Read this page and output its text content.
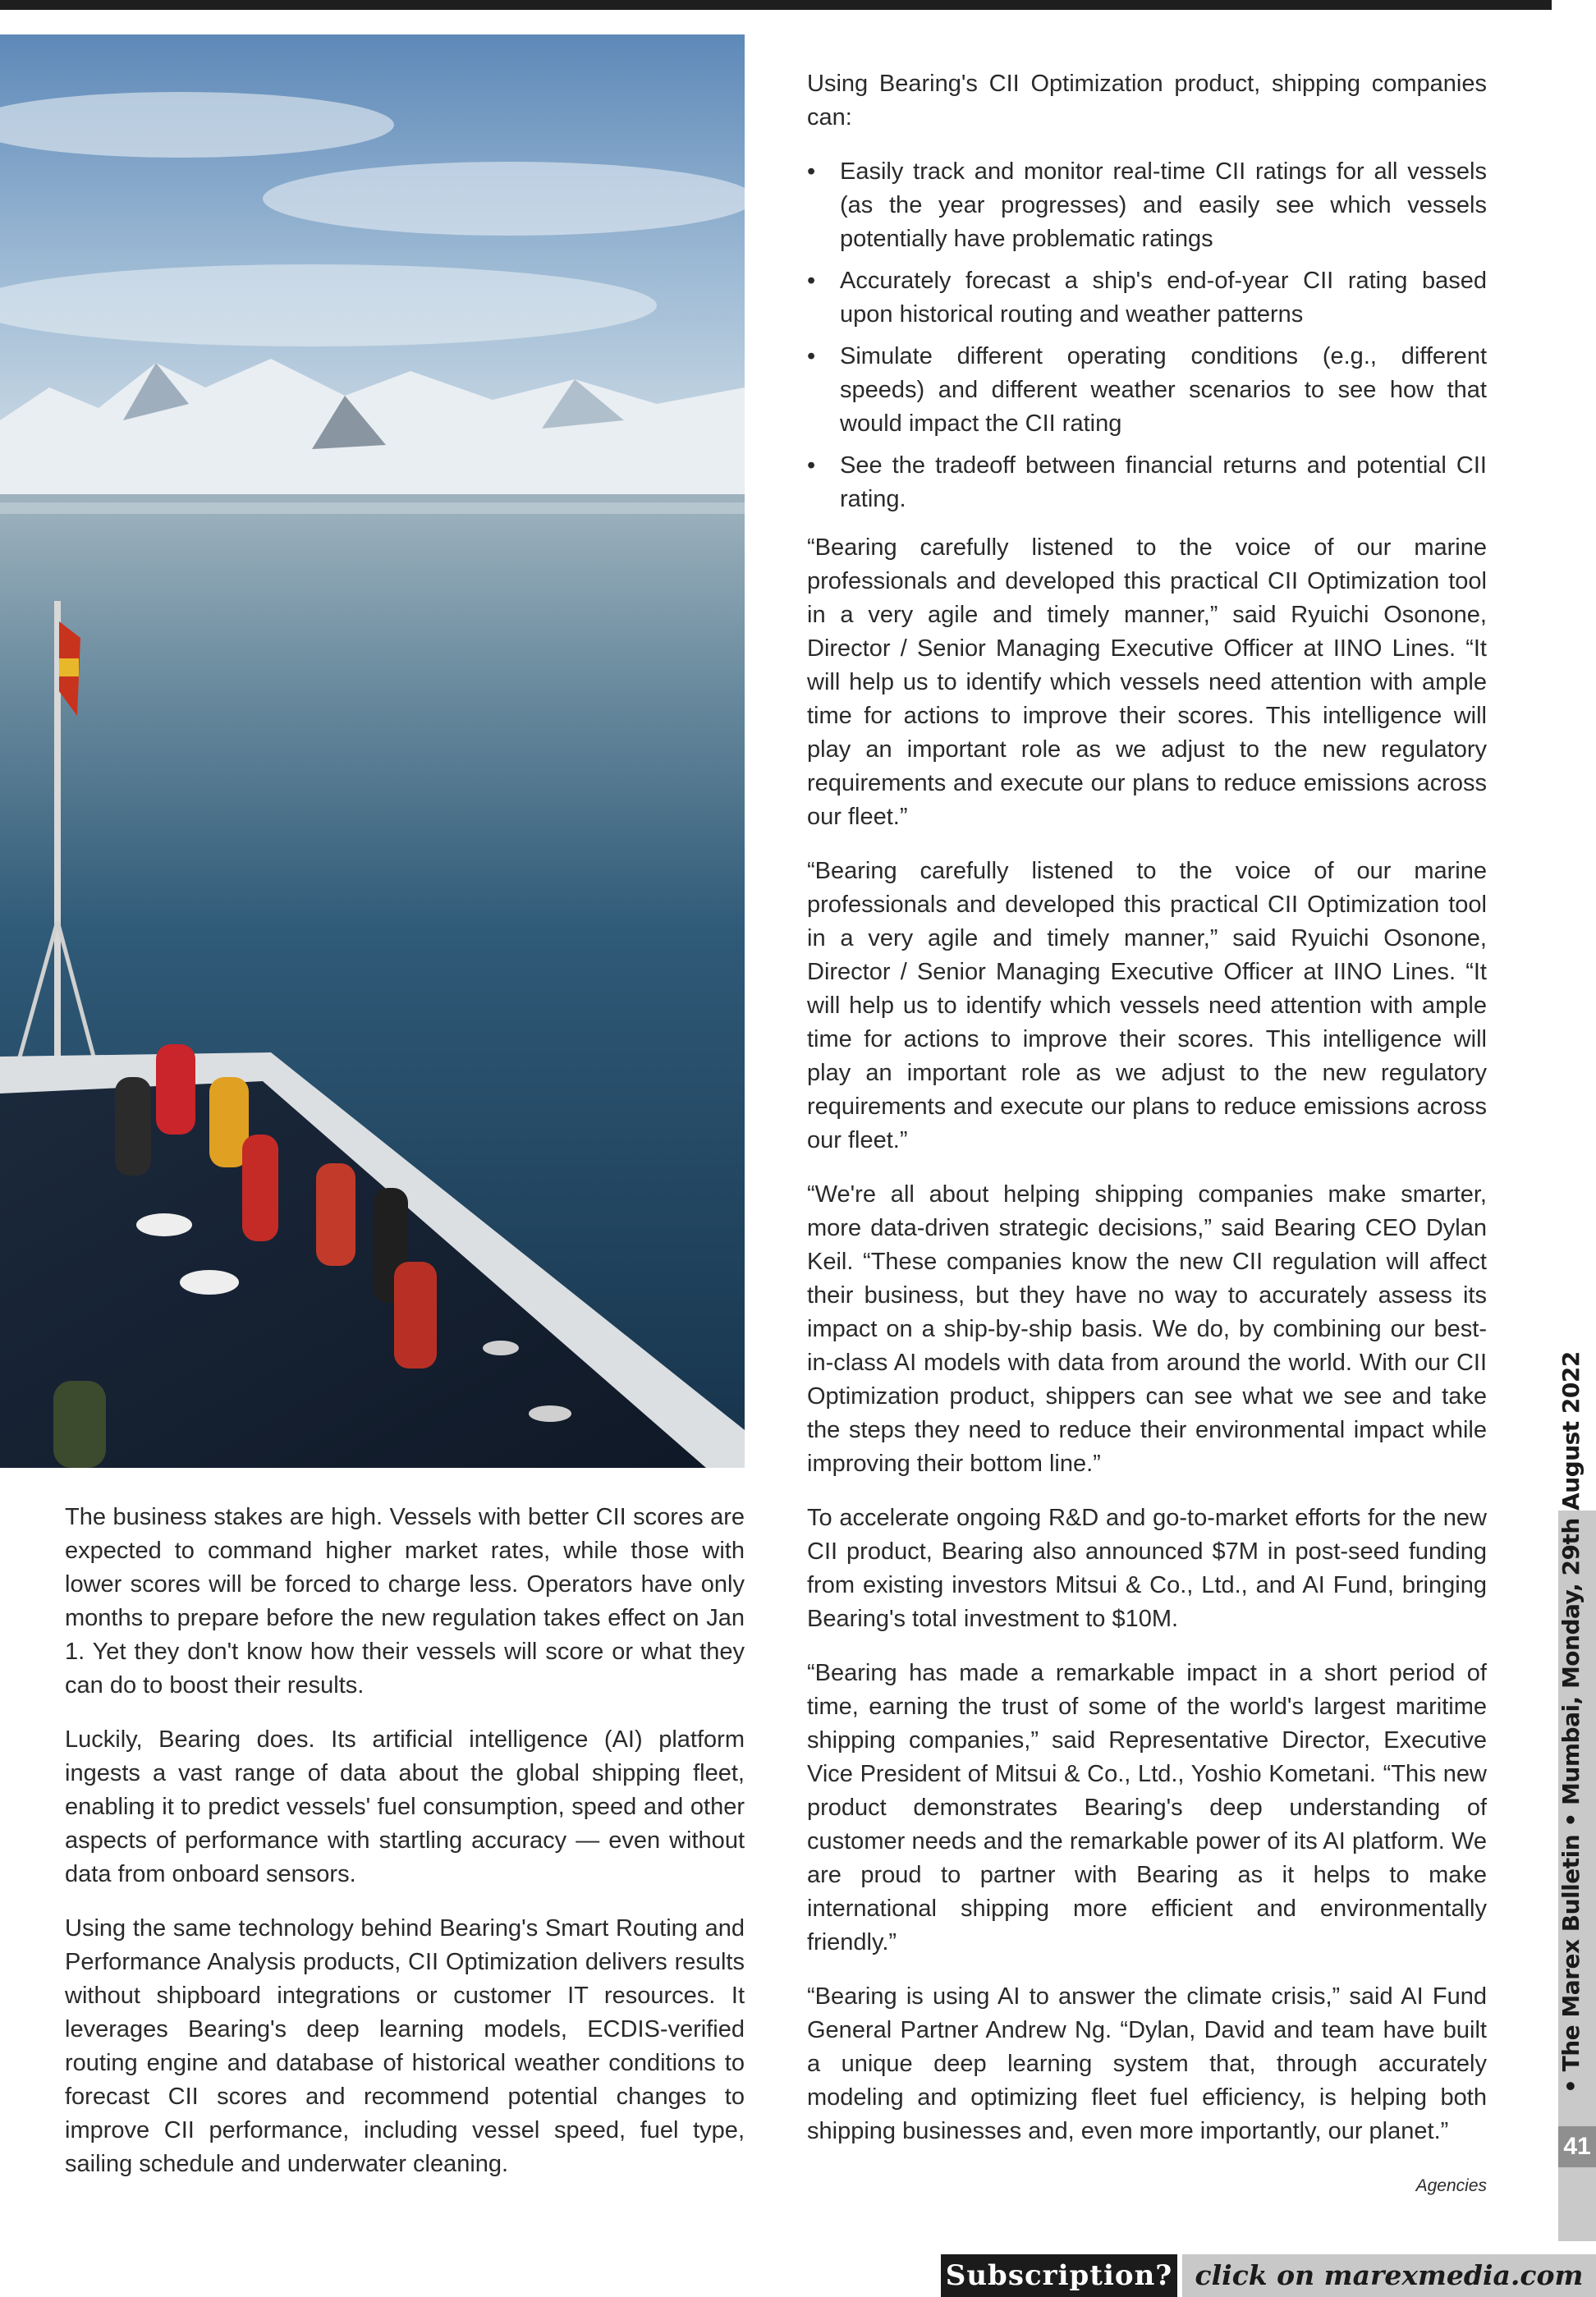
Using Bearing's CII Optimization product, shipping companies can:

• Easily track and monitor real-time CII ratings for all vessels (as the year progresses) and easily see which vessels potentially have problematic ratings
• Accurately forecast a ship's end-of-year CII rating based upon historical routing and weather patterns
• Simulate different operating conditions (e.g., different speeds) and different weather scenarios to see how that would impact the CII rating
• See the tradeoff between financial returns and potential CII rating.

“Bearing carefully listened to the voice of our marine professionals and developed this practical CII Optimization tool in a very agile and timely manner,” said Ryuichi Osonone, Director / Senior Managing Executive Officer at IINO Lines. “It will help us to identify which vessels need attention with ample time for actions to improve their scores. This intelligence will play an important role as we adjust to the new regulatory requirements and execute our plans to reduce emissions across our fleet.”

“Bearing carefully listened to the voice of our marine professionals and developed this practical CII Optimization tool in a very agile and timely manner,” said Ryuichi Osonone, Director / Senior Managing Executive Officer at IINO Lines. “It will help us to identify which vessels need attention with ample time for actions to improve their scores. This intelligence will play an important role as we adjust to the new regulatory requirements and execute our plans to reduce emissions across our fleet.”

“We're all about helping shipping companies make smarter, more data-driven strategic decisions,” said Bearing CEO Dylan Keil. “These companies know the new CII regulation will affect their business, but they have no way to accurately assess its impact on a ship-by-ship basis. We do, by combining our best-in-class AI models with data from around the world. With our CII Optimization product, shippers can see what we see and take the steps they need to reduce their environmental impact while improving their bottom line.”

To accelerate ongoing R&D and go-to-market efforts for the new CII product, Bearing also announced $7M in post-seed funding from existing investors Mitsui & Co., Ltd., and AI Fund, bringing Bearing's total investment to $10M.

“Bearing has made a remarkable impact in a short period of time, earning the trust of some of the world's largest maritime shipping companies,” said Representative Director, Executive Vice President of Mitsui & Co., Ltd., Yoshio Kometani. “This new product demonstrates Bearing's deep understanding of customer needs and the remarkable power of its AI platform. We are proud to partner with Bearing as it helps to make international shipping more efficient and environmentally friendly.”

“Bearing is using AI to answer the climate crisis,” said AI Fund General Partner Andrew Ng. “Dylan, David and team have built a unique deep learning system that, through accurately modeling and optimizing fleet fuel efficiency, is helping both shipping businesses and, even more importantly, our planet.”

Agencies

The business stakes are high. Vessels with better CII scores are expected to command higher market rates, while those with lower scores will be forced to charge less. Operators have only months to prepare before the new regulation takes effect on Jan 1. Yet they don't know how their vessels will score or what they can do to boost their results.

Luckily, Bearing does. Its artificial intelligence (AI) platform ingests a vast range of data about the global shipping fleet, enabling it to predict vessels' fuel consumption, speed and other aspects of performance with startling accuracy — even without data from onboard sensors.

Using the same technology behind Bearing's Smart Routing and Performance Analysis products, CII Optimization delivers results without shipboard integrations or customer IT resources. It leverages Bearing's deep learning models, ECDIS-verified routing engine and database of historical weather conditions to forecast CII scores and recommend potential changes to improve CII performance, including vessel speed, fuel type, sailing schedule and underwater cleaning.

• The Marex Bulletin • Mumbai, Monday, 29th August 2022
41
Subscription? click on marexmedia.com
